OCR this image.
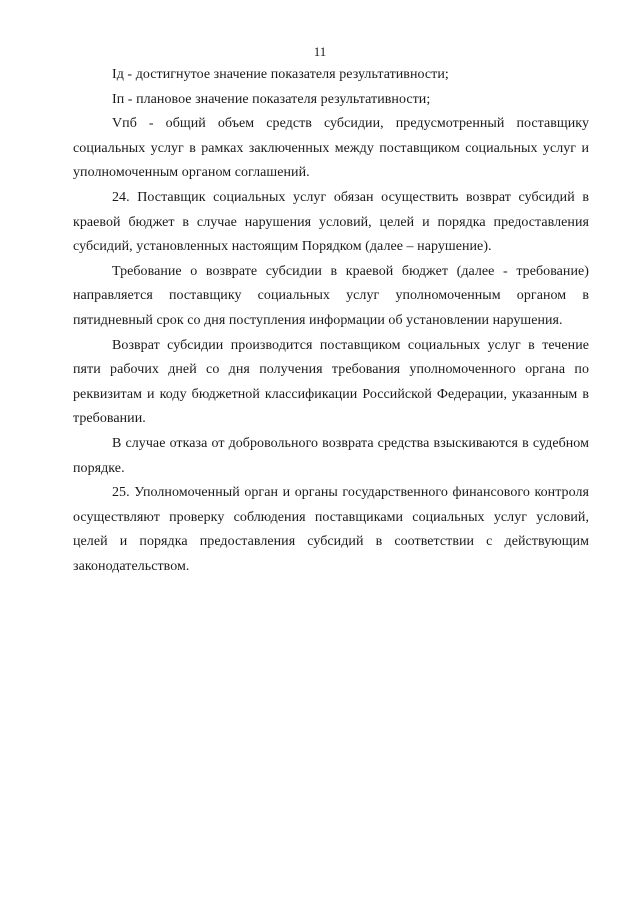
11

Iд - достигнутое значение показателя результативности;

Iп - плановое значение показателя результативности;

Vпб - общий объем средств субсидии, предусмотренный поставщику социальных услуг в рамках заключенных между поставщиком социальных услуг и уполномоченным органом соглашений.

24. Поставщик социальных услуг обязан осуществить возврат субсидий в краевой бюджет в случае нарушения условий, целей и порядка предоставления субсидий, установленных настоящим Порядком (далее – нарушение).

Требование о возврате субсидии в краевой бюджет (далее - требование) направляется поставщику социальных услуг уполномоченным органом в пятидневный срок со дня поступления информации об установлении нарушения.

Возврат субсидии производится поставщиком социальных услуг в течение пяти рабочих дней со дня получения требования уполномоченного органа по реквизитам и коду бюджетной классификации Российской Федерации, указанным в требовании.

В случае отказа от добровольного возврата средства взыскиваются в судебном порядке.

25. Уполномоченный орган и органы государственного финансового контроля осуществляют проверку соблюдения поставщиками социальных услуг условий, целей и порядка предоставления субсидий в соответствии с действующим законодательством.
